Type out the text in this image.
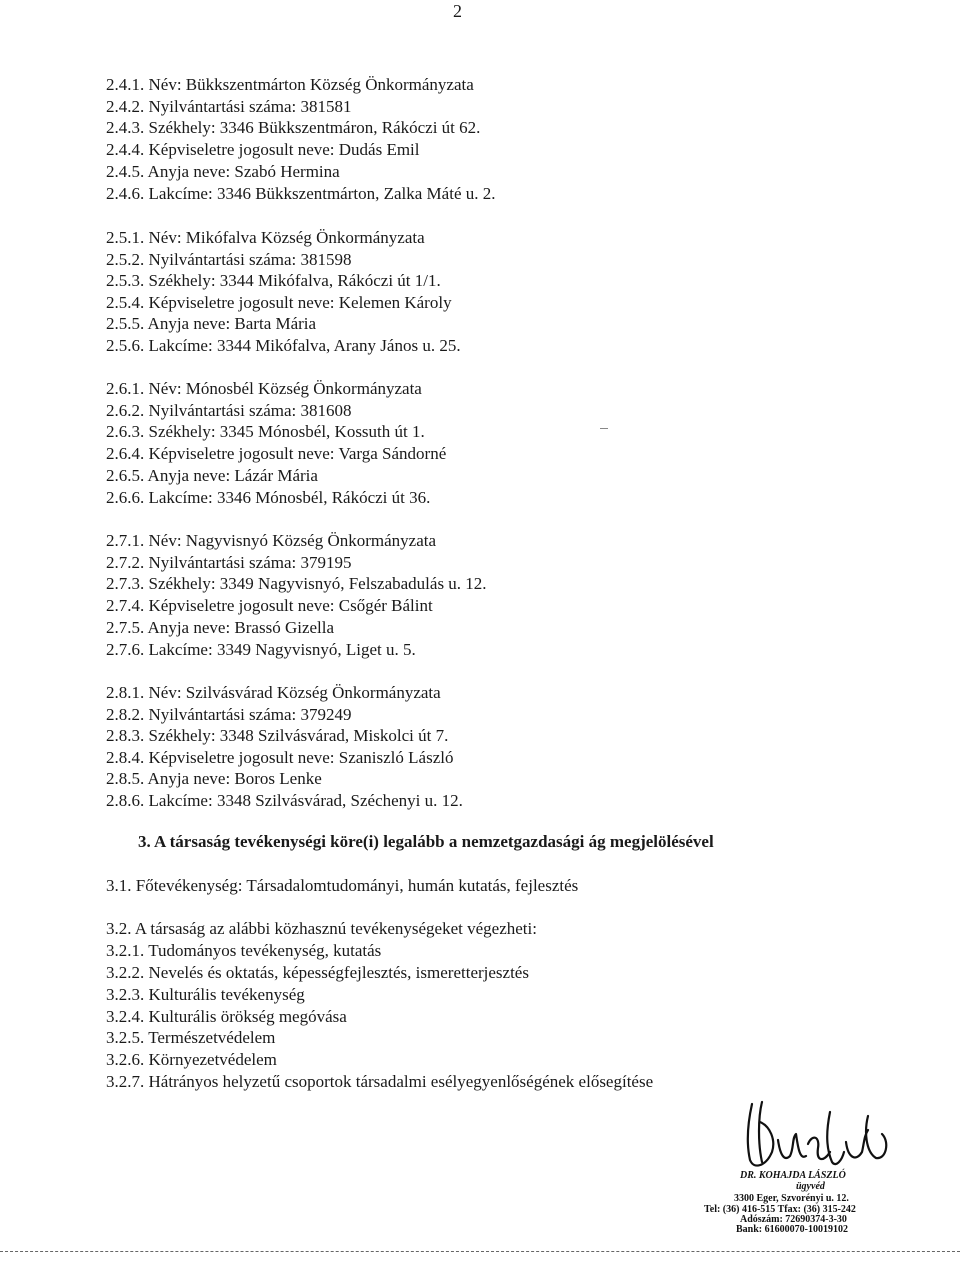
2
2.4.1. Név: Bükkszentmárton Község Önkormányzata
2.4.2. Nyilvántartási száma: 381581
2.4.3. Székhely: 3346 Bükkszentmáron, Rákóczi út 62.
2.4.4. Képviseletre jogosult neve: Dudás Emil
2.4.5. Anyja neve: Szabó Hermina
2.4.6. Lakcíme: 3346 Bükkszentmárton, Zalka Máté u. 2.
2.5.1. Név: Mikófalva Község Önkormányzata
2.5.2. Nyilvántartási száma: 381598
2.5.3. Székhely: 3344 Mikófalva, Rákóczi út 1/1.
2.5.4. Képviseletre jogosult neve: Kelemen Károly
2.5.5. Anyja neve: Barta Mária
2.5.6. Lakcíme: 3344 Mikófalva, Arany János u. 25.
2.6.1. Név: Mónosbél Község Önkormányzata
2.6.2. Nyilvántartási száma: 381608
2.6.3. Székhely: 3345 Mónosbél, Kossuth út 1.
2.6.4. Képviseletre jogosult neve: Varga Sándorné
2.6.5. Anyja neve: Lázár Mária
2.6.6. Lakcíme: 3346 Mónosbél, Rákóczi út 36.
2.7.1. Név: Nagyvisnyó Község Önkormányzata
2.7.2. Nyilvántartási száma: 379195
2.7.3. Székhely: 3349 Nagyvisnyó, Felszabadulás u. 12.
2.7.4. Képviseletre jogosult neve: Csőgér Bálint
2.7.5. Anyja neve: Brassó Gizella
2.7.6. Lakcíme: 3349 Nagyvisnyó, Liget u. 5.
2.8.1. Név: Szilvásvárad Község Önkormányzata
2.8.2. Nyilvántartási száma: 379249
2.8.3. Székhely: 3348 Szilvásvárad, Miskolci út 7.
2.8.4. Képviseletre jogosult neve: Szaniszló László
2.8.5. Anyja neve: Boros Lenke
2.8.6. Lakcíme: 3348 Szilvásvárad, Széchenyi u. 12.
3. A társaság tevékenységi köre(i) legalább a nemzetgazdasági ág megjelölésével
3.1. Főtevékenység: Társadalomtudományi, humán kutatás, fejlesztés
3.2. A társaság az alábbi közhasznú tevékenységeket végezheti:
3.2.1. Tudományos tevékenység, kutatás
3.2.2. Nevelés és oktatás, képességfejlesztés, ismeretterjesztés
3.2.3. Kulturális tevékenység
3.2.4. Kulturális örökség megóvása
3.2.5. Természetvédelem
3.2.6. Környezetvédelem
3.2.7. Hátrányos helyzetű csoportok társadalmi esélyegyenlőségének elősegítése
DR. KOHAJDA LÁSZLÓ
ügyvéd
3300 Eger, Szvorényi u. 12.
Tel: (36) 416-515 Tfax: (36) 315-242
Adószám: 72690374-3-30
Bank: 61600070-10019102
